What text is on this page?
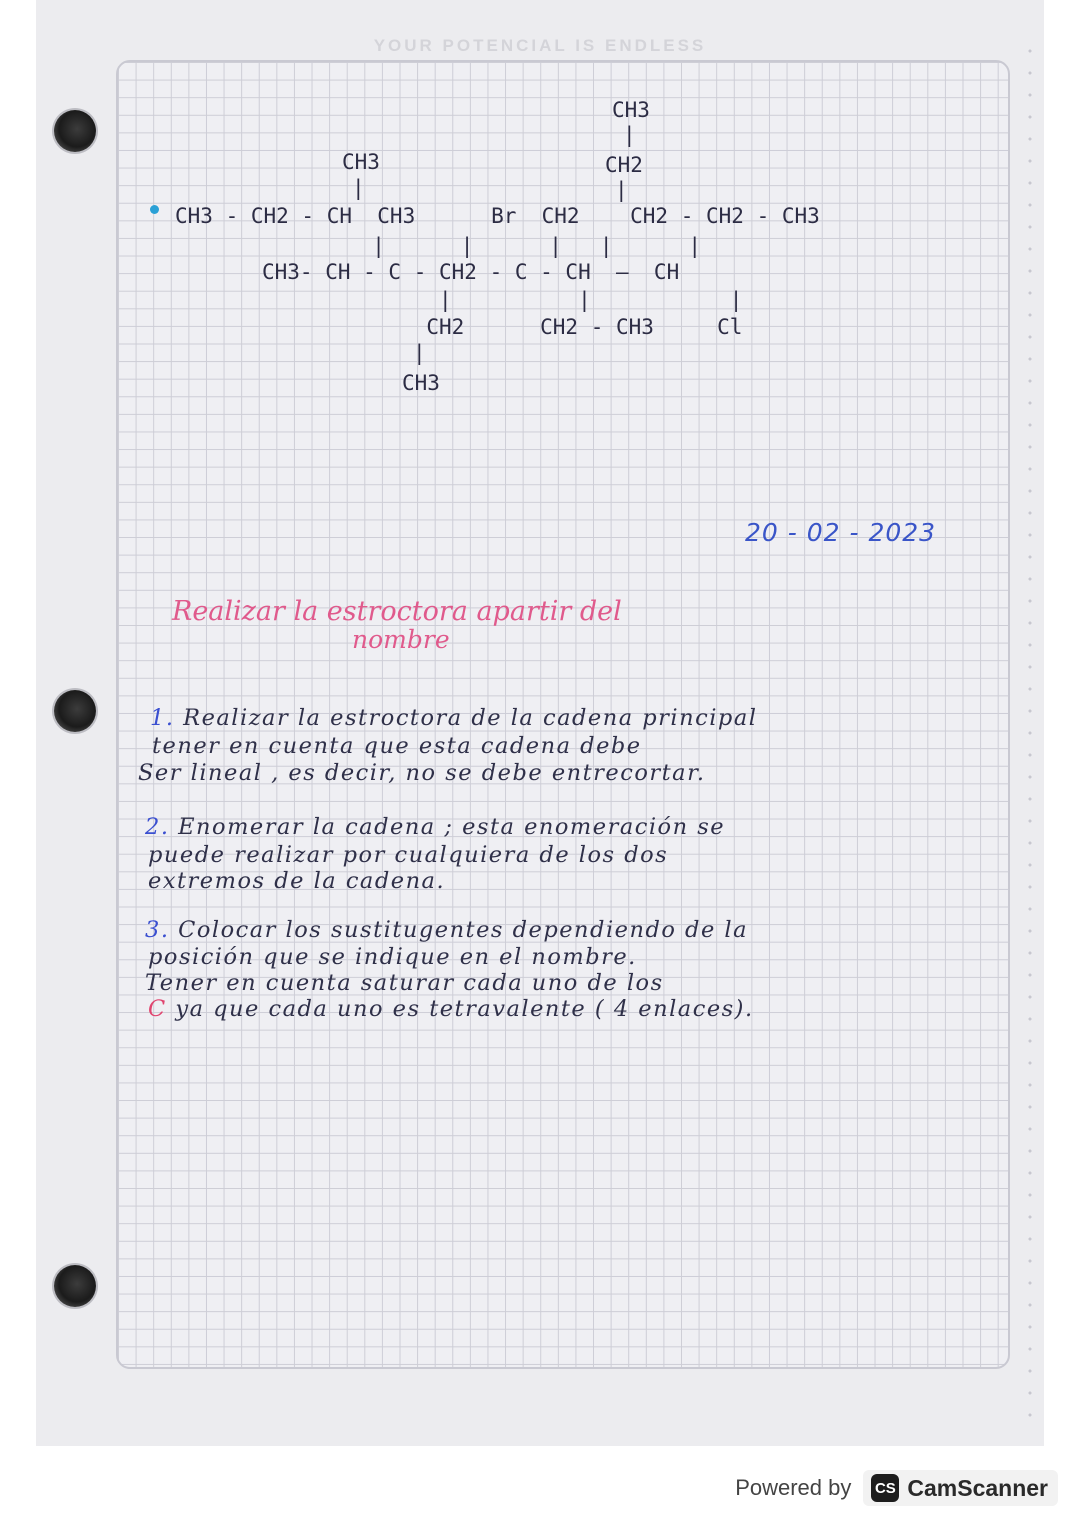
YOUR POTENCIAL IS ENDLESS
CH3
|
CH2
CH3
|	|
CH3 - CH2 - CH  CH3      Br  CH2    CH2 - CH2 - CH3
|      |      |   |      |
CH3- CH - C - CH2 - C - CH  —  CH
|          |           |
CH2      CH2 - CH3     Cl
|
CH3
20 - 02 - 2023
Realizar la estroctora apartir del
nombre
1. Realizar la estroctora de la cadena principal
tener en cuenta que esta cadena debe
Ser lineal , es decir, no se debe entrecortar.
2. Enomerar la cadena ; esta enomeración se
puede realizar por cualquiera de los dos
extremos de la cadena.
3. Colocar los sustitugentes dependiendo de la
posición que se indique en el nombre.
Tener en cuenta saturar cada uno de los
C ya que cada uno es tetravalente ( 4 enlaces).
Powered by CS CamScanner
